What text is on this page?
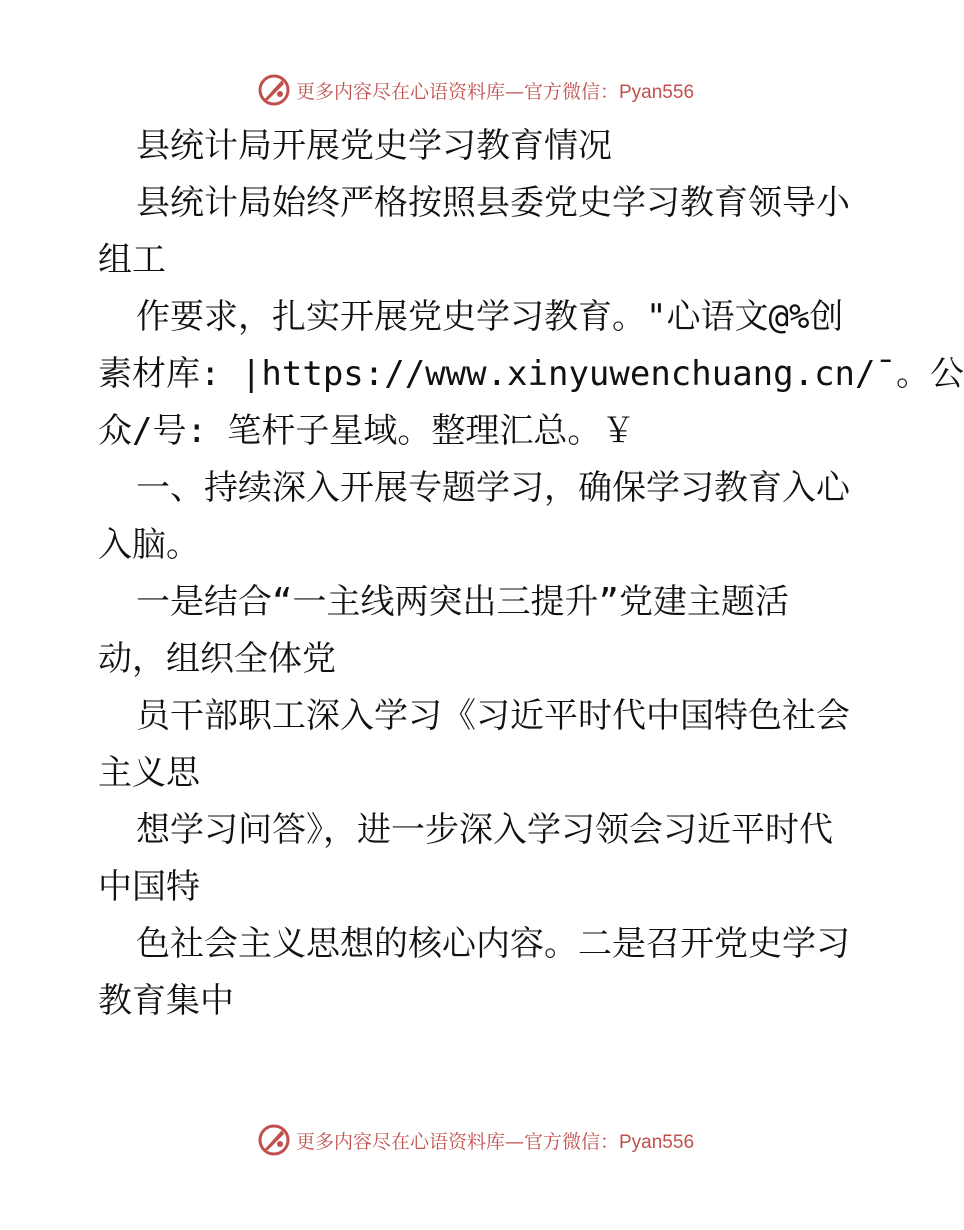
更多内容尽在心语资料库— 官方微信：Pyan556
县统计局开展党史学习教育情况
县统计局始终严格按照县委党史学习教育领导小
组工
作要求，扎实开展党史学习教育。"心语文@%创
素材库: |https://www.xinyuwenchuang.cn/¯。公
众/号: 笔杆子星域。整理汇总。￥
一、持续深入开展专题学习，确保学习教育入心
入脑。
一是结合“一主线两突出三提升”党建主题活
动，组织全体党
员干部职工深入学习《习近平时代中国特色社会
主义思
想学习问答》，进一步深入学习领会习近平时代
中国特
色社会主义思想的核心内容。二是召开党史学习
教育集中
更多内容尽在心语资料库— 官方微信：Pyan556
